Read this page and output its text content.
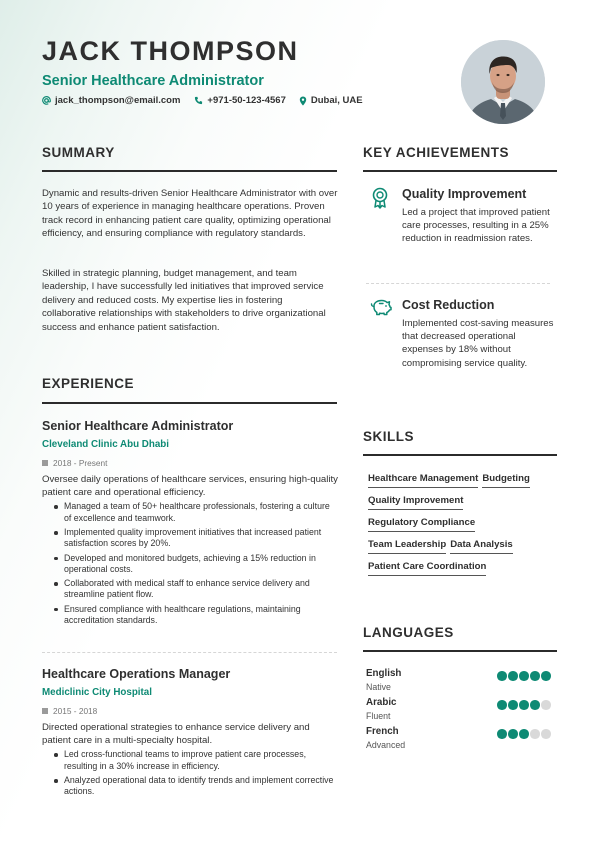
JACK THOMPSON
Senior Healthcare Administrator
jack_thompson@email.com	+971-50-123-4567	Dubai, UAE
SUMMARY
Dynamic and results-driven Senior Healthcare Administrator with over 10 years of experience in managing healthcare operations. Proven track record in enhancing patient care quality, optimizing operational efficiency, and ensuring compliance with regulatory standards.
Skilled in strategic planning, budget management, and team leadership, I have successfully led initiatives that improved service delivery and reduced costs. My expertise lies in fostering collaborative relationships with stakeholders to drive organizational success and enhance patient satisfaction.
EXPERIENCE
Senior Healthcare Administrator
Cleveland Clinic Abu Dhabi
2018 - Present
Oversee daily operations of healthcare services, ensuring high-quality patient care and operational efficiency.
Managed a team of 50+ healthcare professionals, fostering a culture of excellence and teamwork.
Implemented quality improvement initiatives that increased patient satisfaction scores by 20%.
Developed and monitored budgets, achieving a 15% reduction in operational costs.
Collaborated with medical staff to enhance service delivery and streamline patient flow.
Ensured compliance with healthcare regulations, maintaining accreditation standards.
Healthcare Operations Manager
Mediclinic City Hospital
2015 - 2018
Directed operational strategies to enhance service delivery and patient care in a multi-specialty hospital.
Led cross-functional teams to improve patient care processes, resulting in a 30% increase in efficiency.
Analyzed operational data to identify trends and implement corrective actions.
KEY ACHIEVEMENTS
Quality Improvement
Led a project that improved patient care processes, resulting in a 25% reduction in readmission rates.
Cost Reduction
Implemented cost-saving measures that decreased operational expenses by 18% without compromising service quality.
SKILLS
Healthcare Management Budgeting
Quality Improvement
Regulatory Compliance
Team Leadership Data Analysis
Patient Care Coordination
LANGUAGES
English
Native
Arabic
Fluent
French
Advanced
